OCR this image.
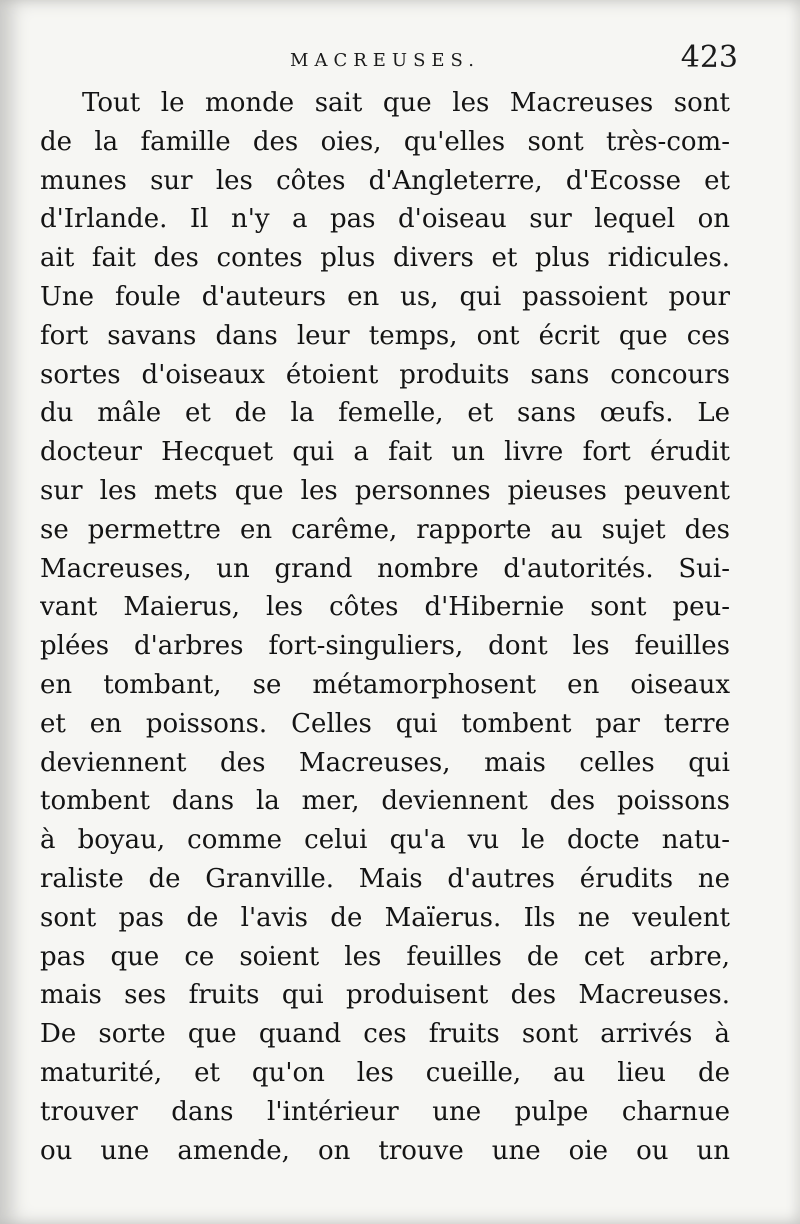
MACREUSES.	423
Tout le monde sait que les Macreuses sont
de la famille des oies, qu'elles sont très-com-
munes sur les côtes d'Angleterre, d'Ecosse et
d'Irlande. Il n'y a pas d'oiseau sur lequel on
ait fait des contes plus divers et plus ridicules.
Une foule d'auteurs en us, qui passoient pour
fort savans dans leur temps, ont écrit que ces
sortes d'oiseaux étoient produits sans concours
du mâle et de la femelle, et sans œufs. Le
docteur Hecquet qui a fait un livre fort érudit
sur les mets que les personnes pieuses peuvent
se permettre en carême, rapporte au sujet des
Macreuses, un grand nombre d'autorités. Sui-
vant Maierus, les côtes d'Hibernie sont peu-
plées d'arbres fort-singuliers, dont les feuilles
en tombant, se métamorphosent en oiseaux
et en poissons. Celles qui tombent par terre
deviennent des Macreuses, mais celles qui
tombent dans la mer, deviennent des poissons
à boyau, comme celui qu'a vu le docte natu-
raliste de Granville. Mais d'autres érudits ne
sont pas de l'avis de Maïerus. Ils ne veulent
pas que ce soient les feuilles de cet arbre,
mais ses fruits qui produisent des Macreuses.
De sorte que quand ces fruits sont arrivés à
maturité, et qu'on les cueille, au lieu de
trouver dans l'intérieur une pulpe charnue
ou une amende, on trouve une oie ou un
